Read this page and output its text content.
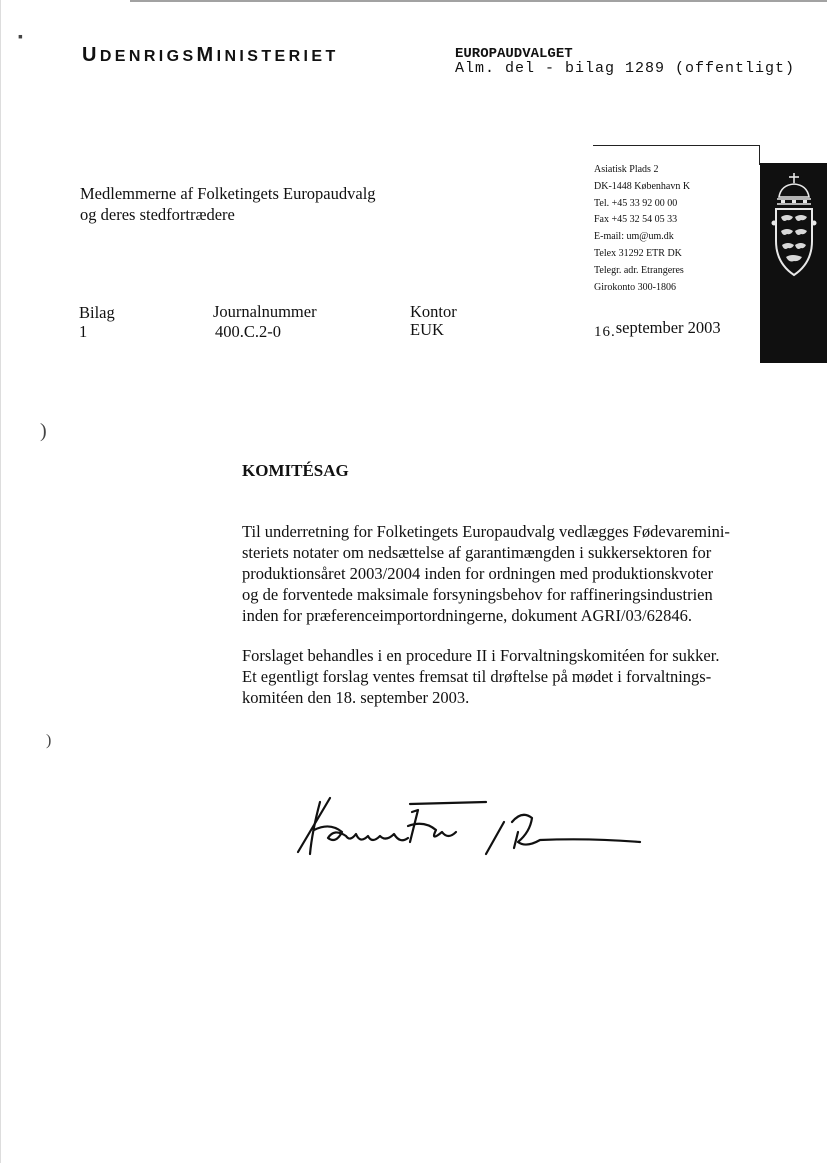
UDENRIGSMINISTERIET	EUROPAUDVALGET
Alm. del - bilag 1289 (offentligt)
Medlemmerne af Folketingets Europaudvalg
og deres stedfortrædere
Asiatisk Plads 2
DK-1448 København K
Tel. +45 33 92 00 00
Fax +45 32 54 05 33
E-mail: um@um.dk
Telex 31292 ETR DK
Telegr. adr. Etrangeres
Girokonto 300-1806
Bilag
1
Journalnummer
400.C.2-0
Kontor
EUK	16.september 2003
KOMITÉSAG
Til underretning for Folketingets Europaudvalg vedlægges Fødevaremini-
steriets notater om nedsættelse af garantimængden i sukkersektoren for
produktionsåret 2003/2004 inden for ordningen med produktionskvoter
og de forventede maksimale forsyningsbehov for raffineringsindustrien
inden for præferenceimportordningerne, dokument AGRI/03/62846.
Forslaget behandles i en procedure II i Forvaltningskomitéen for sukker.
Et egentligt forslag ventes fremsat til drøftelse på mødet i forvaltnings-
komitéen den 18. september 2003.
▪
)
)
